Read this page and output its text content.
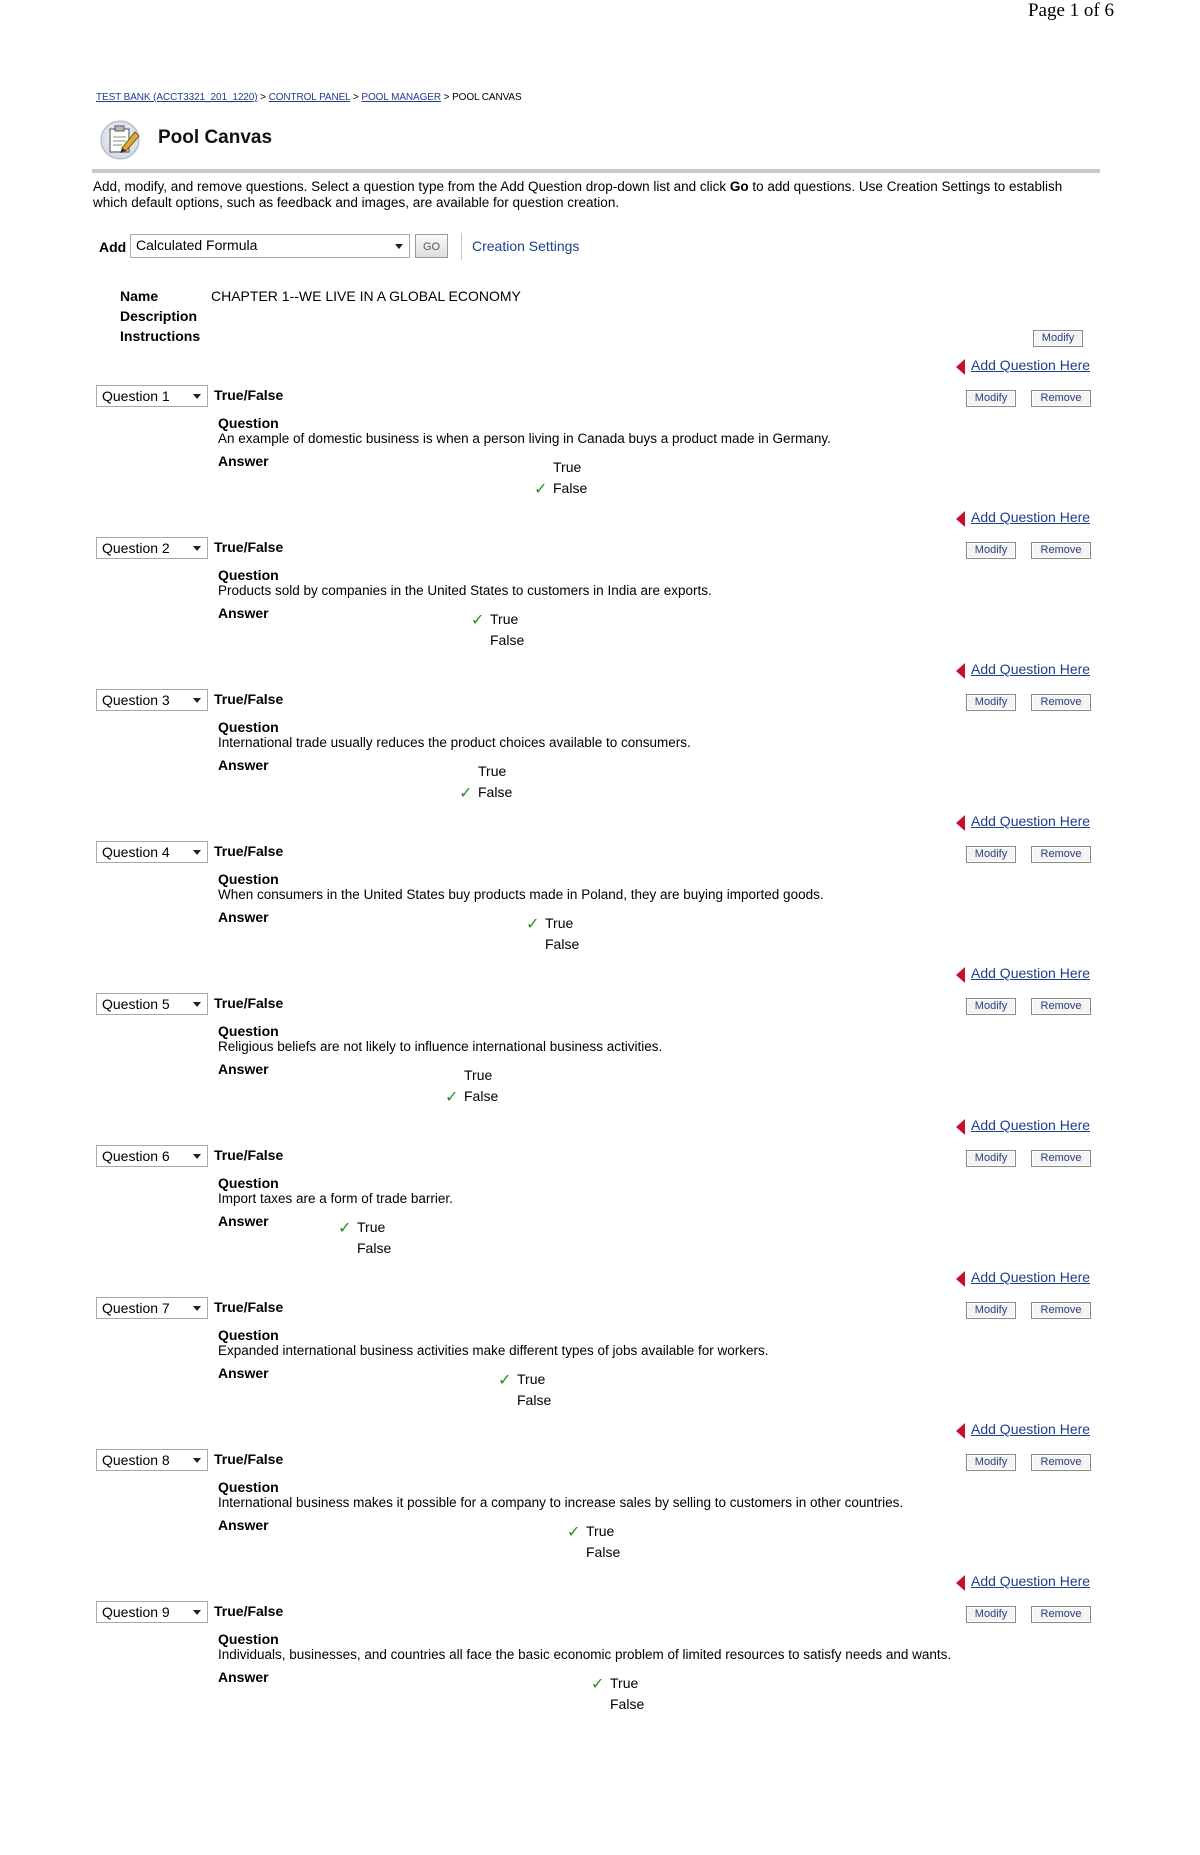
Page 1 of 6
TEST BANK (ACCT3321_201_1220) > CONTROL PANEL > POOL MANAGER > POOL CANVAS
Pool Canvas
Add, modify, and remove questions. Select a question type from the Add Question drop-down list and click Go to add questions. Use Creation Settings to establish which default options, such as feedback and images, are available for question creation.
Add Calculated Formula	GO	Creation Settings
Name	CHAPTER 1--WE LIVE IN A GLOBAL ECONOMY
Description
Instructions	Modify
Add Question Here
Question 1	True/False	Modify	Remove
Question
An example of domestic business is when a person living in Canada buys a product made in Germany.
Answer	True
✓ False
Add Question Here
Question 2	True/False	Modify	Remove
Question
Products sold by companies in the United States to customers in India are exports.
Answer	✓ True
False
Add Question Here
Question 3	True/False	Modify	Remove
Question
International trade usually reduces the product choices available to consumers.
Answer	True
✓ False
Add Question Here
Question 4	True/False	Modify	Remove
Question
When consumers in the United States buy products made in Poland, they are buying imported goods.
Answer	✓ True
False
Add Question Here
Question 5	True/False	Modify	Remove
Question
Religious beliefs are not likely to influence international business activities.
Answer	True
✓ False
Add Question Here
Question 6	True/False	Modify	Remove
Question
Import taxes are a form of trade barrier.
Answer	✓ True
False
Add Question Here
Question 7	True/False	Modify	Remove
Question
Expanded international business activities make different types of jobs available for workers.
Answer	✓ True
False
Add Question Here
Question 8	True/False	Modify	Remove
Question
International business makes it possible for a company to increase sales by selling to customers in other countries.
Answer	✓ True
False
Add Question Here
Question 9	True/False	Modify	Remove
Question
Individuals, businesses, and countries all face the basic economic problem of limited resources to satisfy needs and wants.
Answer	✓ True
False
